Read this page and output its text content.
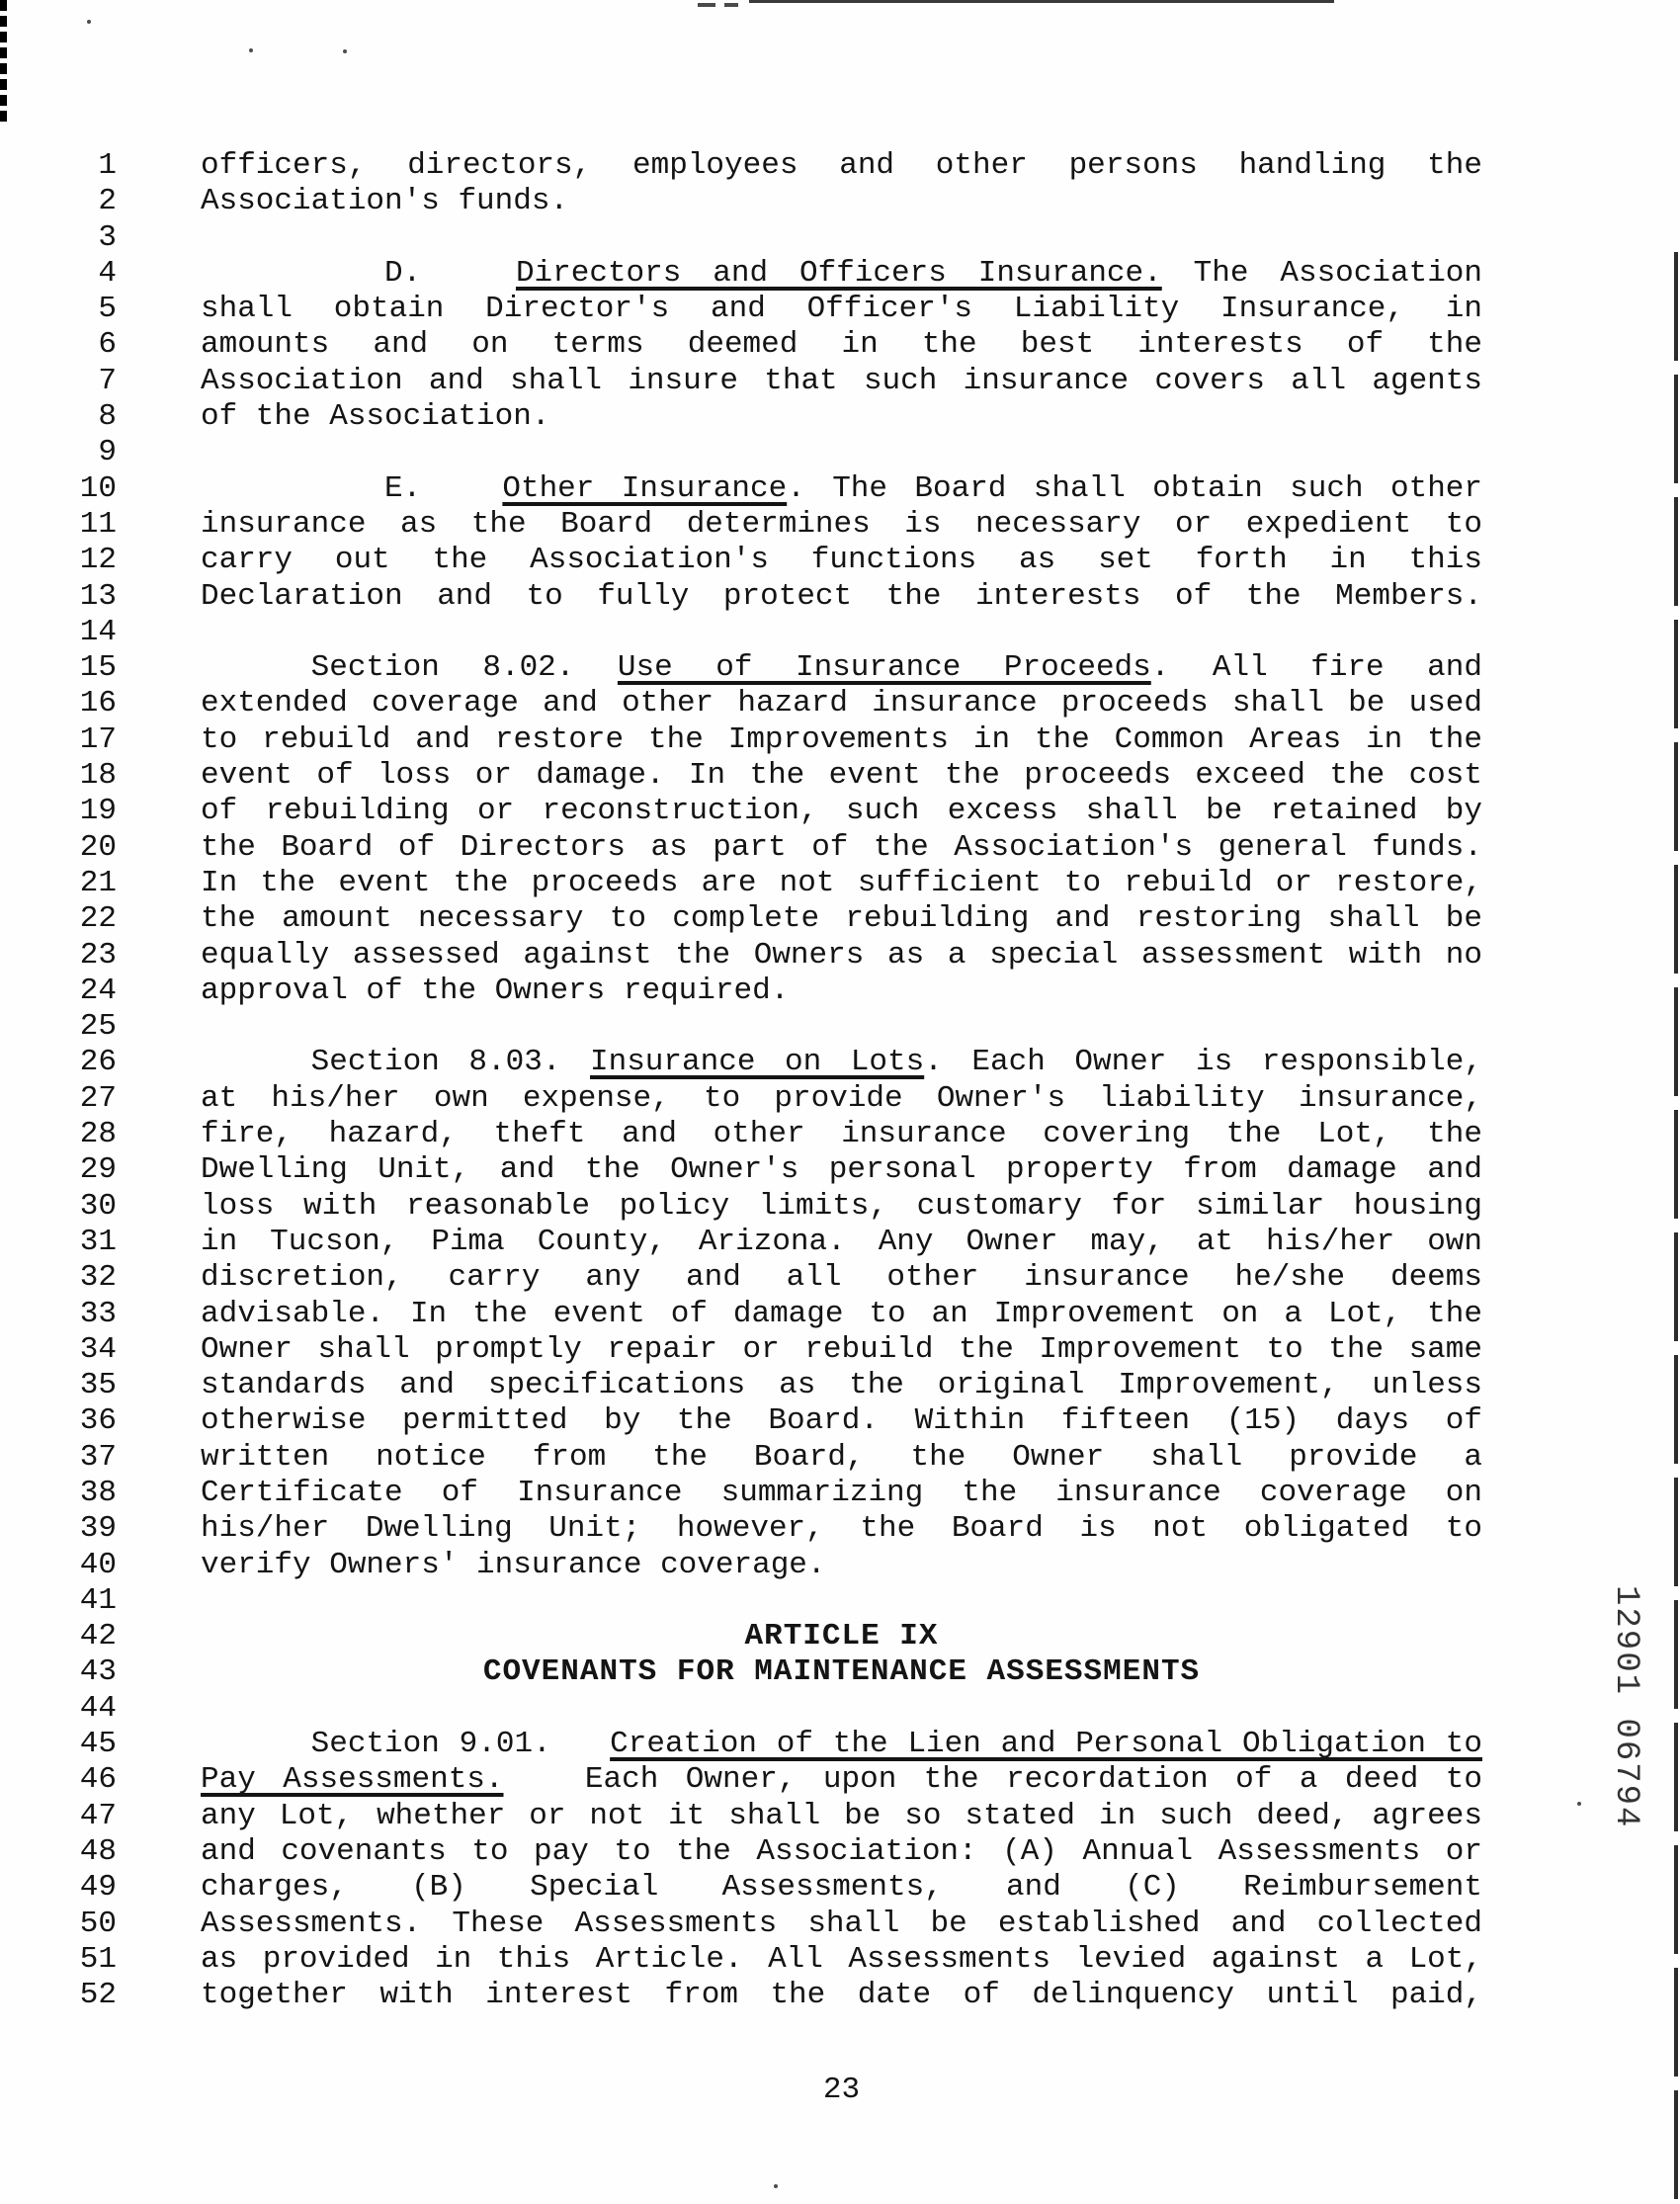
1
2
3
4
5
6
7
8
9
10
11
12
13
14
15
16
17
18
19
20
21
22
23
24
25
26
27
28
29
30
31
32
33
34
35
36
37
38
39
40
41
42
43
44
45
46
47
48
49
50
51
52
officers, directors, employees and other persons handling the
Association's funds.
D.   Directors and Officers Insurance. The Association
shall obtain Director's and Officer's Liability Insurance, in
amounts and on terms deemed in the best interests of the
Association and shall insure that such insurance covers all agents
of the Association.
E.   Other Insurance. The Board shall obtain such other
insurance as the Board determines is necessary or expedient to
carry out the Association's functions as set forth in this
Declaration and to fully protect the interests of the Members.
Section 8.02. Use of Insurance Proceeds. All fire and
extended coverage and other hazard insurance proceeds shall be used
to rebuild and restore the Improvements in the Common Areas in the
event of loss or damage. In the event the proceeds exceed the cost
of rebuilding or reconstruction, such excess shall be retained by
the Board of Directors as part of the Association's general funds.
In the event the proceeds are not sufficient to rebuild or restore,
the amount necessary to complete rebuilding and restoring shall be
equally assessed against the Owners as a special assessment with no
approval of the Owners required.
Section 8.03. Insurance on Lots. Each Owner is responsible,
at his/her own expense, to provide Owner's liability insurance,
fire, hazard, theft and other insurance covering the Lot, the
Dwelling Unit, and the Owner's personal property from damage and
loss with reasonable policy limits, customary for similar housing
in Tucson, Pima County, Arizona. Any Owner may, at his/her own
discretion, carry any and all other insurance he/she deems
advisable. In the event of damage to an Improvement on a Lot, the
Owner shall promptly repair or rebuild the Improvement to the same
standards and specifications as the original Improvement, unless
otherwise permitted by the Board. Within fifteen (15) days of
written notice from the Board, the Owner shall provide a
Certificate of Insurance summarizing the insurance coverage on
his/her Dwelling Unit; however, the Board is not obligated to
verify Owners' insurance coverage.
ARTICLE IX
COVENANTS FOR MAINTENANCE ASSESSMENTS
Section 9.01.   Creation of the Lien and Personal Obligation to
Pay Assessments.   Each Owner, upon the recordation of a deed to
any Lot, whether or not it shall be so stated in such deed, agrees
and covenants to pay to the Association: (A) Annual Assessments or
charges, (B) Special Assessments, and (C) Reimbursement
Assessments. These Assessments shall be established and collected
as provided in this Article. All Assessments levied against a Lot,
together with interest from the date of delinquency until paid,
23
12901 06794
